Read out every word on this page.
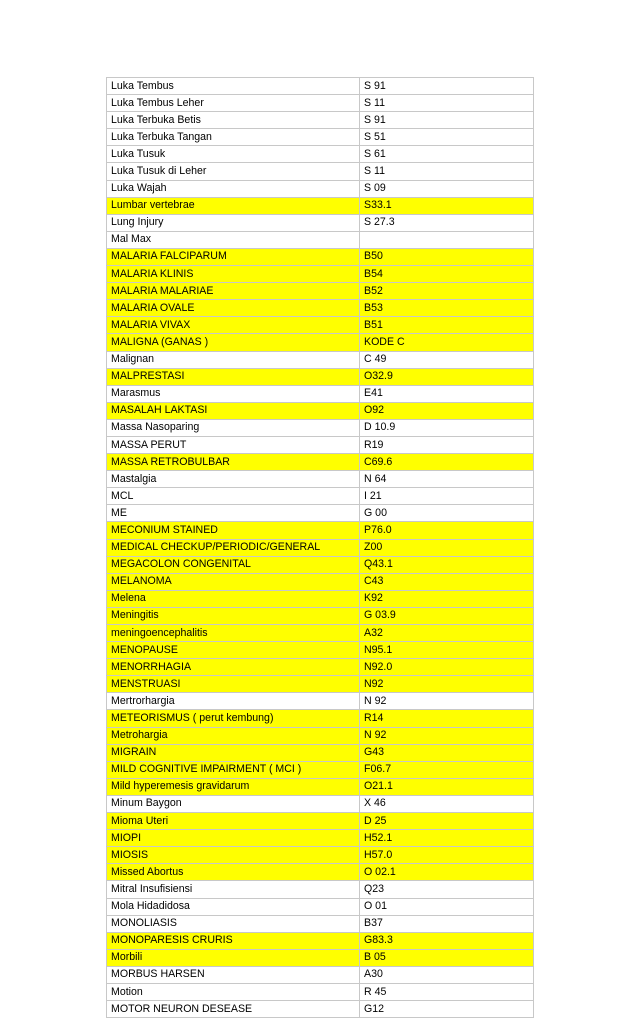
Luka Tembus	S 91
Luka Tembus Leher	S 11
Luka Terbuka Betis	S 91
Luka Terbuka Tangan	S 51
Luka Tusuk	S 61
Luka Tusuk di Leher	S 11
Luka Wajah	S 09
Lumbar vertebrae	S33.1
Lung Injury	S 27.3
Mal Max	
MALARIA FALCIPARUM	B50
MALARIA KLINIS	B54
MALARIA MALARIAE	B52
MALARIA OVALE	B53
MALARIA VIVAX	B51
MALIGNA (GANAS )	KODE C
Malignan	C 49
MALPRESTASI	O32.9
Marasmus	E41
MASALAH LAKTASI	O92
Massa Nasoparing	D 10.9
MASSA PERUT	R19
MASSA RETROBULBAR	C69.6
Mastalgia	N 64
MCL	I 21
ME	G 00
MECONIUM STAINED	P76.0
MEDICAL CHECKUP/PERIODIC/GENERAL	Z00
MEGACOLON CONGENITAL	Q43.1
MELANOMA	C43
Melena	K92
Meningitis	G 03.9
meningoencephalitis	A32
MENOPAUSE	N95.1
MENORRHAGIA	N92.0
MENSTRUASI	N92
Mertrorhargia	N 92
METEORISMUS ( perut kembung)	R14
Metrohargia	N 92
MIGRAIN	G43
MILD COGNITIVE IMPAIRMENT ( MCI )	F06.7
Mild hyperemesis gravidarum	O21.1
Minum Baygon	X 46
Mioma Uteri	D 25
MIOPI	H52.1
MIOSIS	H57.0
Missed Abortus	O 02.1
Mitral Insufisiensi	Q23
Mola Hidadidosa	O 01
MONOLIASIS	B37
MONOPARESIS CRURIS	G83.3
Morbili	B 05
MORBUS HARSEN	A30
Motion	R 45
MOTOR NEURON DESEASE	G12
